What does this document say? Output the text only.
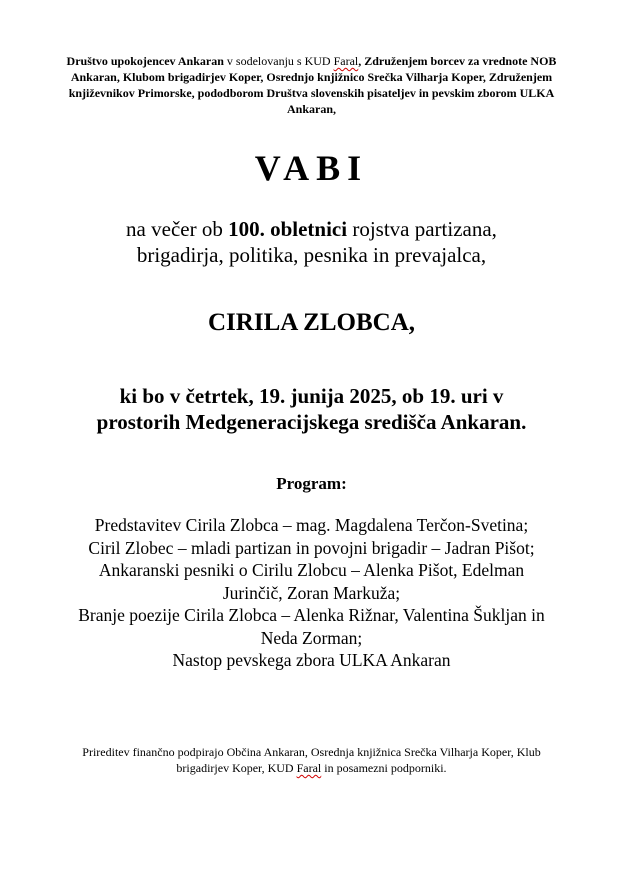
Društvo upokojencev Ankaran v sodelovanju s KUD Faral, Združenjem borcev za vrednote NOB Ankaran, Klubom brigadirjev Koper, Osrednjo knjižnico Srečka Vilharja Koper, Združenjem književnikov Primorske, pododborom Društva slovenskih pisateljev in pevskim zborom ULKA Ankaran,
VABI
na večer ob 100. obletnici rojstva partizana,
brigadirja, politika, pesnika in prevajalca,
CIRILA ZLOBCA,
ki bo v četrtek, 19. junija 2025, ob 19. uri v
prostorih Medgeneracijskega središča Ankaran.
Program:
Predstavitev Cirila Zlobca – mag. Magdalena Terčon-Svetina;
Ciril Zlobec – mladi partizan in povojni brigadir – Jadran Pišot;
Ankaranski pesniki o Cirilu Zlobcu – Alenka Pišot, Edelman
Jurinčič, Zoran Markuža;
Branje poezije Cirila Zlobca – Alenka Rižnar, Valentina Šukljan in
Neda Zorman;
Nastop pevskega zbora ULKA Ankaran
Prireditev finančno podpirajo Občina Ankaran, Osrednja knjižnica Srečka Vilharja Koper, Klub brigadirjev Koper, KUD Faral in posamezni podporniki.
